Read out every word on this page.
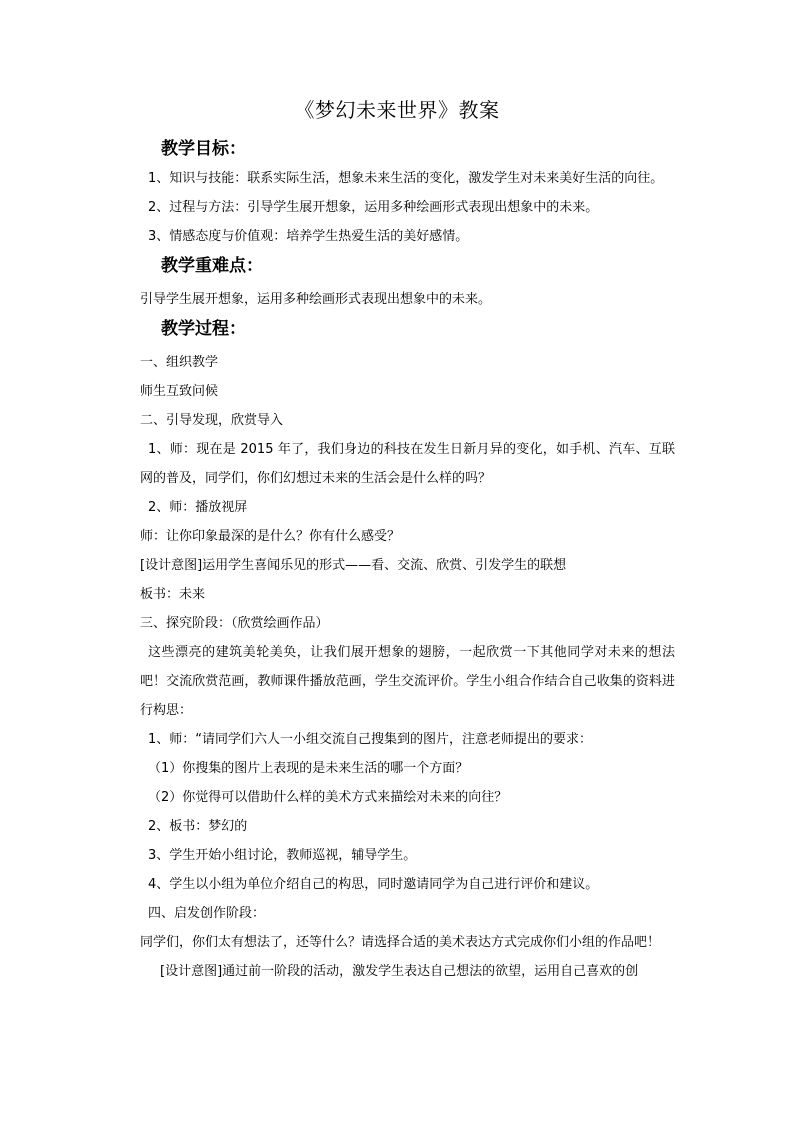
《梦幻未来世界》教案
教学目标：
1、知识与技能：联系实际生活，想象未来生活的变化，激发学生对未来美好生活的向往。
2、过程与方法：引导学生展开想象，运用多种绘画形式表现出想象中的未来。
3、情感态度与价值观：培养学生热爱生活的美好感情。
教学重难点：
引导学生展开想象，运用多种绘画形式表现出想象中的未来。
教学过程：
一、组织教学
师生互致问候
二、引导发现，欣赏导入
1、师：现在是 2015 年了，我们身边的科技在发生日新月异的变化，如手机、汽车、互联网的普及，同学们，你们幻想过未来的生活会是什么样的吗？
2、师：播放视屏
师：让你印象最深的是什么？你有什么感受？
[设计意图]运用学生喜闻乐见的形式——看、交流、欣赏、引发学生的联想
板书：未来
三、探究阶段：（欣赏绘画作品）
这些漂亮的建筑美轮美奂，让我们展开想象的翅膀，一起欣赏一下其他同学对未来的想法吧！交流欣赏范画，教师课件播放范画，学生交流评价。学生小组合作结合自己收集的资料进行构思：
1、师：“请同学们六人一小组交流自己搜集到的图片，注意老师提出的要求：
（1）你搜集的图片上表现的是未来生活的哪一个方面？
（2）你觉得可以借助什么样的美术方式来描绘对未来的向往？
2、板书：梦幻的
3、学生开始小组讨论，教师巡视，辅导学生。
4、学生以小组为单位介绍自己的构思，同时邀请同学为自己进行评价和建议。
四、启发创作阶段：
同学们，你们太有想法了，还等什么？请选择合适的美术表达方式完成你们小组的作品吧！
[设计意图]通过前一阶段的活动，激发学生表达自己想法的欲望，运用自己喜欢的创
